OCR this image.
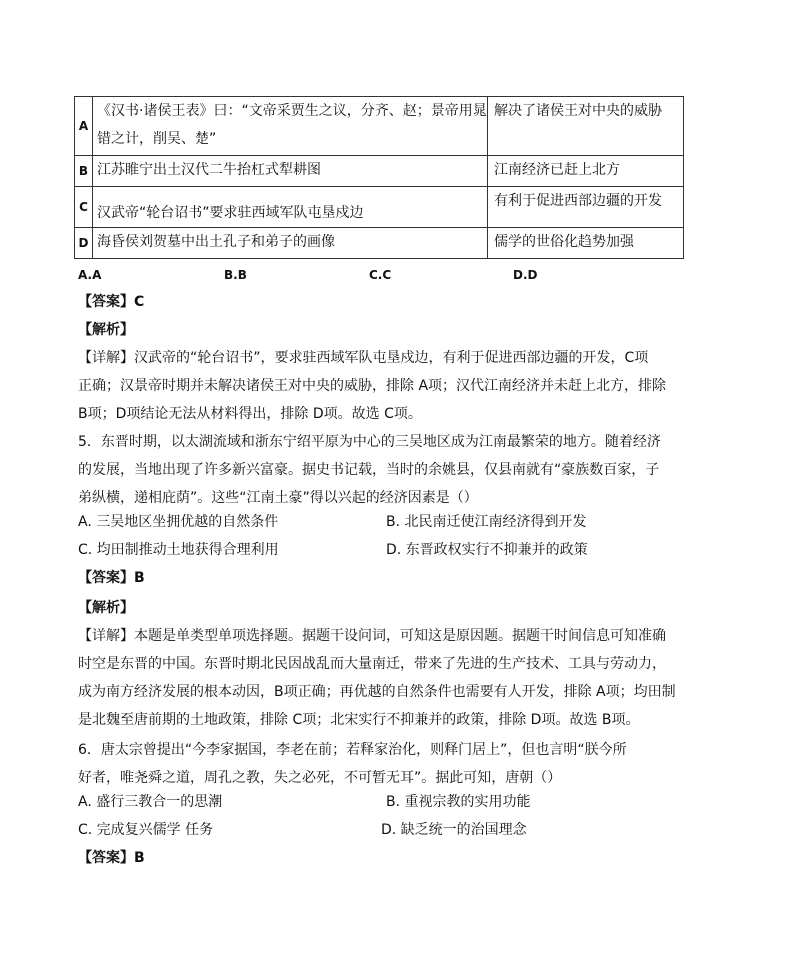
A	《汉书·诸侯王表》曰：“文帝采贾生之议，分齐、赵；景帝用晁错之计，削吴、楚”	解决了诸侯王对中央的威胁
B	江苏睢宁出土汉代二牛抬杠式犁耕图	江南经济已赶上北方
C	汉武帝“轮台诏书”要求驻西域军队屯垦戍边	有利于促进西部边疆的开发
D	海昏侯刘贺墓中出土孔子和弟子的画像	儒学的世俗化趋势加强
A.A	B.B	C.C	D.D
【答案】C
【解析】
【详解】汉武帝的“轮台诏书”，要求驻西域军队屯垦戍边，有利于促进西部边疆的开发，C项
正确；汉景帝时期并未解决诸侯王对中央的威胁，排除 A项；汉代江南经济并未赶上北方，排除
B项；D项结论无法从材料得出，排除 D项。故选 C项。
5．东晋时期，以太湖流域和浙东宁绍平原为中心的三吴地区成为江南最繁荣的地方。随着经济
的发展，当地出现了许多新兴富豪。据史书记载，当时的余姚县，仅县南就有“豪族数百家，子
弟纵横，递相庇荫”。这些“江南土豪”得以兴起的经济因素是（）
A. 三吴地区坐拥优越的自然条件	B. 北民南迁使江南经济得到开发
C. 均田制推动土地获得合理利用	D. 东晋政权实行不抑兼并的政策
【答案】B
【解析】
【详解】本题是单类型单项选择题。据题干设问词，可知这是原因题。据题干时间信息可知准确
时空是东晋的中国。东晋时期北民因战乱而大量南迁，带来了先进的生产技术、工具与劳动力，
成为南方经济发展的根本动因，B项正确；再优越的自然条件也需要有人开发，排除 A项；均田制
是北魏至唐前期的土地政策，排除 C项；北宋实行不抑兼并的政策，排除 D项。故选 B项。
6．唐太宗曾提出“今李家据国，李老在前；若释家治化，则释门居上”，但也言明“朕今所
好者，唯尧舜之道，周孔之教，失之必死，不可暂无耳”。据此可知，唐朝（）
A. 盛行三教合一的思潮	B. 重视宗教的实用功能
C. 完成复兴儒学 任务	D. 缺乏统一的治国理念
【答案】B
